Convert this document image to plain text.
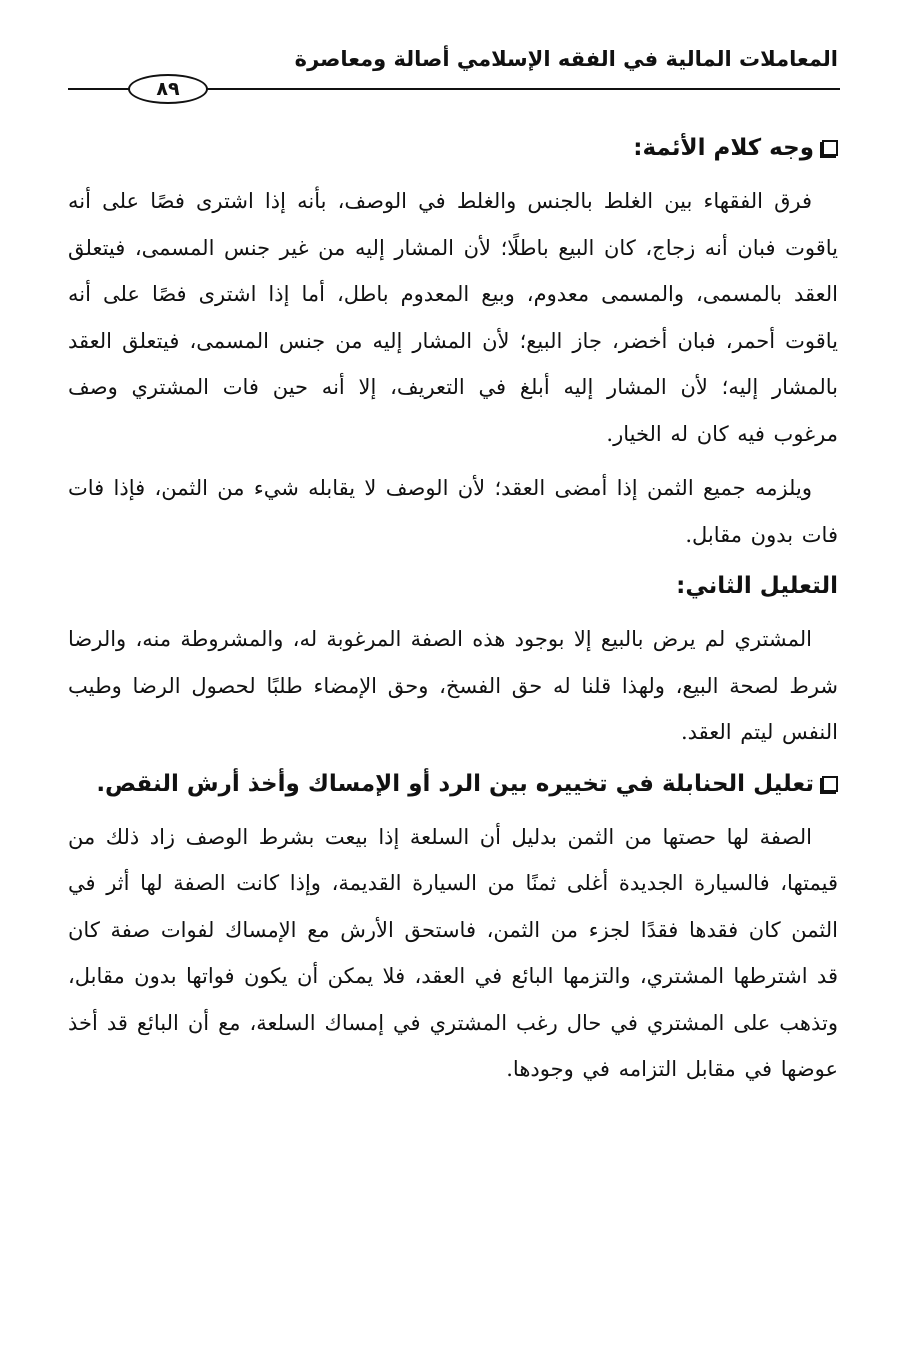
المعاملات المالية في الفقه الإسلامي أصالة ومعاصرة
٨٩
وجه كلام الأئمة:

فرق الفقهاء بين الغلط بالجنس والغلط في الوصف، بأنه إذا اشترى فصًا على أنه ياقوت فبان أنه زجاج، كان البيع باطلًا؛ لأن المشار إليه من غير جنس المسمى، فيتعلق العقد بالمسمى، والمسمى معدوم، وبيع المعدوم باطل، أما إذا اشترى فصًا على أنه ياقوت أحمر، فبان أخضر، جاز البيع؛ لأن المشار إليه من جنس المسمى، فيتعلق العقد بالمشار إليه؛ لأن المشار إليه أبلغ في التعريف، إلا أنه حين فات المشتري وصف مرغوب فيه كان له الخيار.

ويلزمه جميع الثمن إذا أمضى العقد؛ لأن الوصف لا يقابله شيء من الثمن، فإذا فات فات بدون مقابل.

التعليل الثاني:

المشتري لم يرض بالبيع إلا بوجود هذه الصفة المرغوبة له، والمشروطة منه، والرضا شرط لصحة البيع، ولهذا قلنا له حق الفسخ، وحق الإمضاء طلبًا لحصول الرضا وطيب النفس ليتم العقد.

تعليل الحنابلة في تخييره بين الرد أو الإمساك وأخذ أرش النقص.

الصفة لها حصتها من الثمن بدليل أن السلعة إذا بيعت بشرط الوصف زاد ذلك من قيمتها، فالسيارة الجديدة أغلى ثمنًا من السيارة القديمة، وإذا كانت الصفة لها أثر في الثمن كان فقدها فقدًا لجزء من الثمن، فاستحق الأرش مع الإمساك لفوات صفة كان قد اشترطها المشتري، والتزمها البائع في العقد، فلا يمكن أن يكون فواتها بدون مقابل، وتذهب على المشتري في حال رغب المشتري في إمساك السلعة، مع أن البائع قد أخذ عوضها في مقابل التزامه في وجودها.
